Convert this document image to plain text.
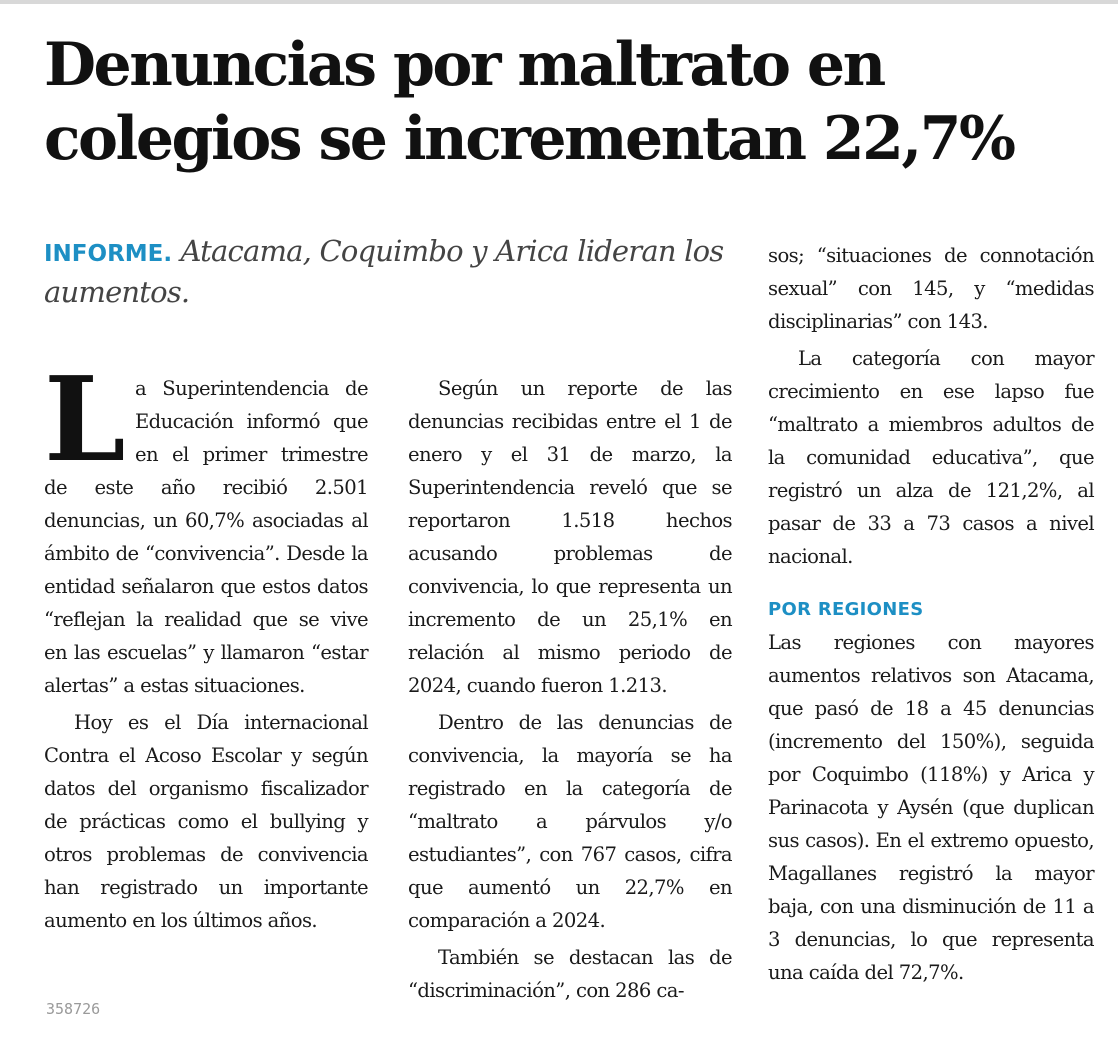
Denuncias por maltrato en
colegios se incrementan 22,7%
INFORME. Atacama, Coquimbo y Arica lideran los aumentos.

La Superintendencia de Educación informó que en el primer trimestre de este año recibió 2.501 denuncias, un 60,7% asociadas al ámbito de “convivencia”. Desde la entidad señalaron que estos datos “reflejan la realidad que se vive en las escuelas” y llamaron “estar alertas” a estas situaciones.

Hoy es el Día internacional Contra el Acoso Escolar y según datos del organismo fiscalizador de prácticas como el bullying y otros problemas de convivencia han registrado un importante aumento en los últimos años.

Según un reporte de las denuncias recibidas entre el 1 de enero y el 31 de marzo, la Superintendencia reveló que se reportaron 1.518 hechos acusando problemas de convivencia, lo que representa un incremento de un 25,1% en relación al mismo periodo de 2024, cuando fueron 1.213.

Dentro de las denuncias de convivencia, la mayoría se ha registrado en la categoría de “maltrato a párvulos y/o estudiantes”, con 767 casos, cifra que aumentó un 22,7% en comparación a 2024.

También se destacan las de “discriminación”, con 286 ca-

sos; “situaciones de connotación sexual” con 145, y “medidas disciplinarias” con 143.

La categoría con mayor crecimiento en ese lapso fue “maltrato a miembros adultos de la comunidad educativa”, que registró un alza de 121,2%, al pasar de 33 a 73 casos a nivel nacional.

POR REGIONES

Las regiones con mayores aumentos relativos son Atacama, que pasó de 18 a 45 denuncias (incremento del 150%), seguida por Coquimbo (118%) y Arica y Parinacota y Aysén (que duplican sus casos). En el extremo opuesto, Magallanes registró la mayor baja, con una disminución de 11 a 3 denuncias, lo que representa una caída del 72,7%.

358726
